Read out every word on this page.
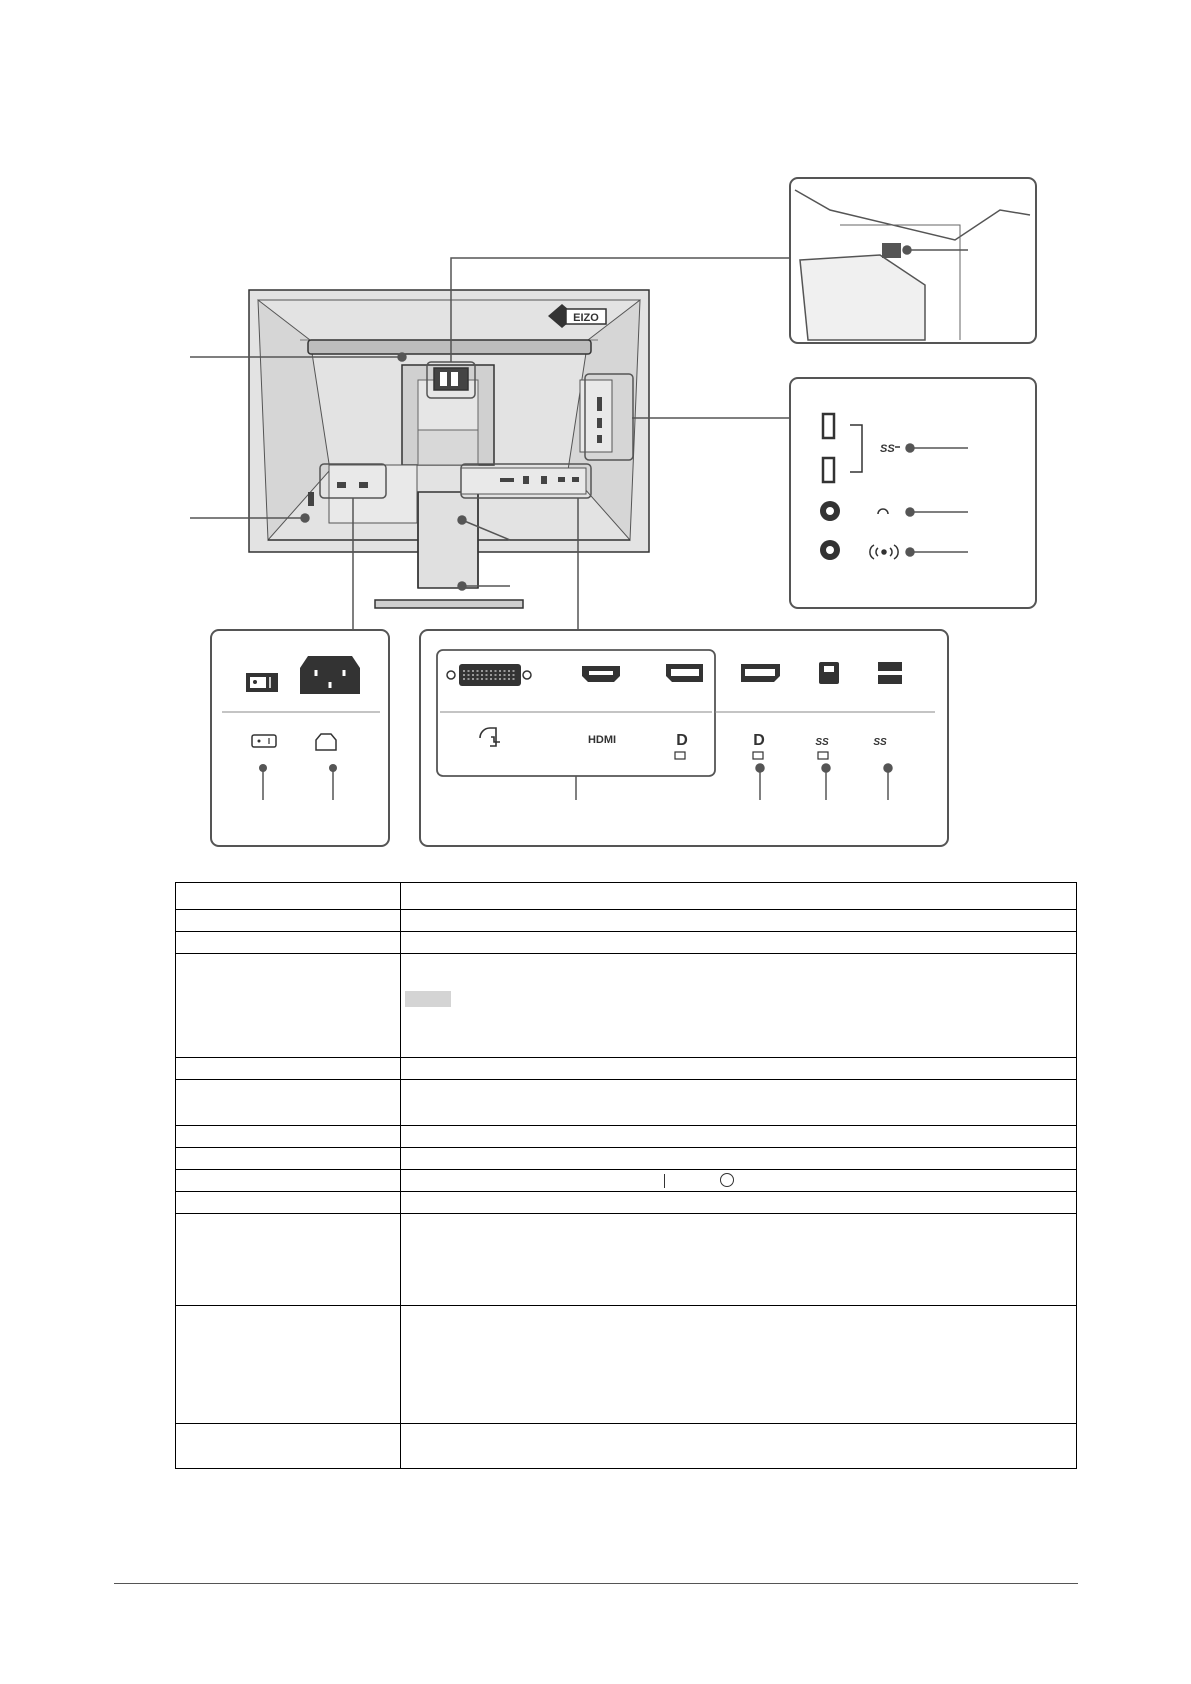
EIZO
SS
HDMI	D	D	SS	SS
